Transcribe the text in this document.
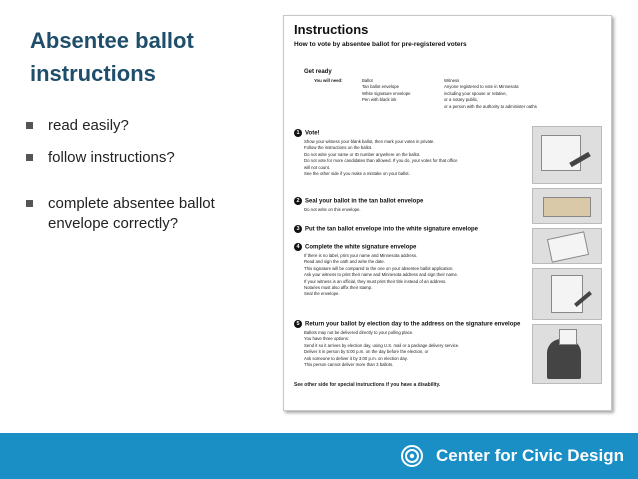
Absentee ballot instructions
read easily?
follow instructions?
complete absentee ballot envelope correctly?
Instructions
How to vote by absentee ballot for pre-registered voters
Get ready
You will need:	Ballot
Tan ballot envelope
White signature envelope
Pen with black ink
Witness
Anyone registered to vote in Minnesota
including your spouse or relative,
or a notary public,
or a person with the authority to administer oaths
1 Vote!
Show your witness your blank ballot, then mark your votes in private.
Follow the instructions on the ballot.
Do not write your name or ID number anywhere on the ballot.
Do not vote for more candidates than allowed. If you do, your votes for that office
will not count.
See the other side if you make a mistake on your ballot.
2 Seal your ballot in the tan ballot envelope
Do not write on this envelope.
3 Put the tan ballot envelope into the white signature envelope
4 Complete the white signature envelope
If there is no label, print your name and Minnesota address.
Read and sign the oath and write the date.
This signature will be compared to the one on your absentee ballot application.
Ask your witness to print their name and Minnesota address and sign their name.
If your witness is an official, they must print their title instead of an address.
Notaries must also affix their stamp.
Seal the envelope.
5 Return your ballot by election day to the address on the signature envelope
Ballots may not be delivered directly to your polling place.
You have three options:
Send it so it arrives by election day, using U.S. mail or a package delivery service.
Deliver it in person by 5:00 p.m. on the day before the election, or
Ask someone to deliver it by 3:00 p.m. on election day.
This person cannot deliver more than 3 ballots.
See other side for special instructions if you have a disability.
Center for Civic Design
